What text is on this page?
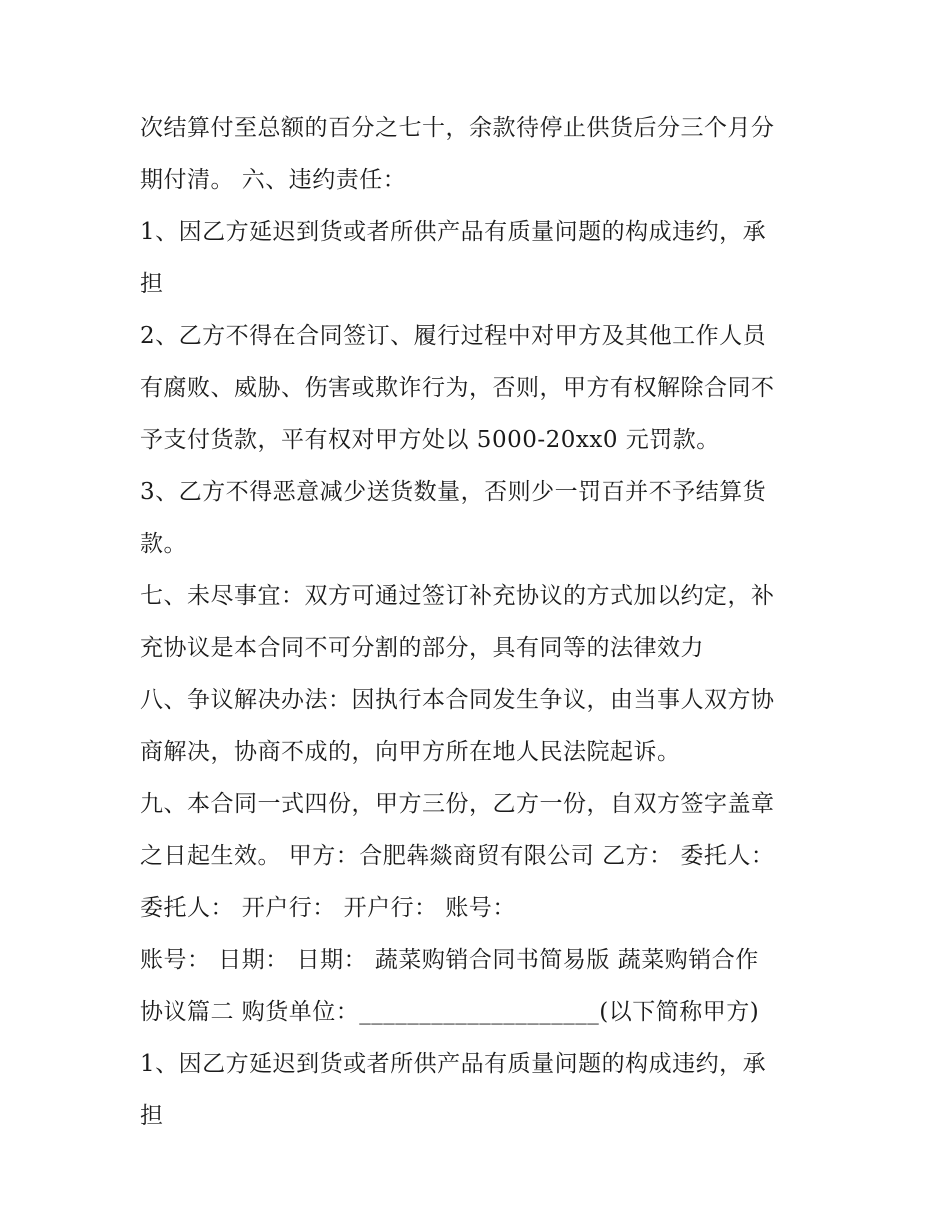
次结算付至总额的百分之七十，余款待停止供货后分三个月分
期付清。 六、违约责任：
1、因乙方延迟到货或者所供产品有质量问题的构成违约，承
担
2、乙方不得在合同签订、履行过程中对甲方及其他工作人员
有腐败、威胁、伤害或欺诈行为，否则，甲方有权解除合同不
予支付货款，平有权对甲方处以 5000-20xx0 元罚款。
3、乙方不得恶意减少送货数量，否则少一罚百并不予结算货
款。
七、未尽事宜：双方可通过签订补充协议的方式加以约定，补
充协议是本合同不可分割的部分，具有同等的法律效力
八、争议解决办法：因执行本合同发生争议，由当事人双方协
商解决，协商不成的，向甲方所在地人民法院起诉。
九、本合同一式四份，甲方三份，乙方一份，自双方签字盖章
之日起生效。 甲方：合肥犇燚商贸有限公司 乙方： 委托人：
委托人： 开户行： 开户行： 账号：
账号： 日期： 日期： 蔬菜购销合同书简易版 蔬菜购销合作
协议篇二 购货单位：____________________(以下简称甲方)
1、因乙方延迟到货或者所供产品有质量问题的构成违约，承
担
